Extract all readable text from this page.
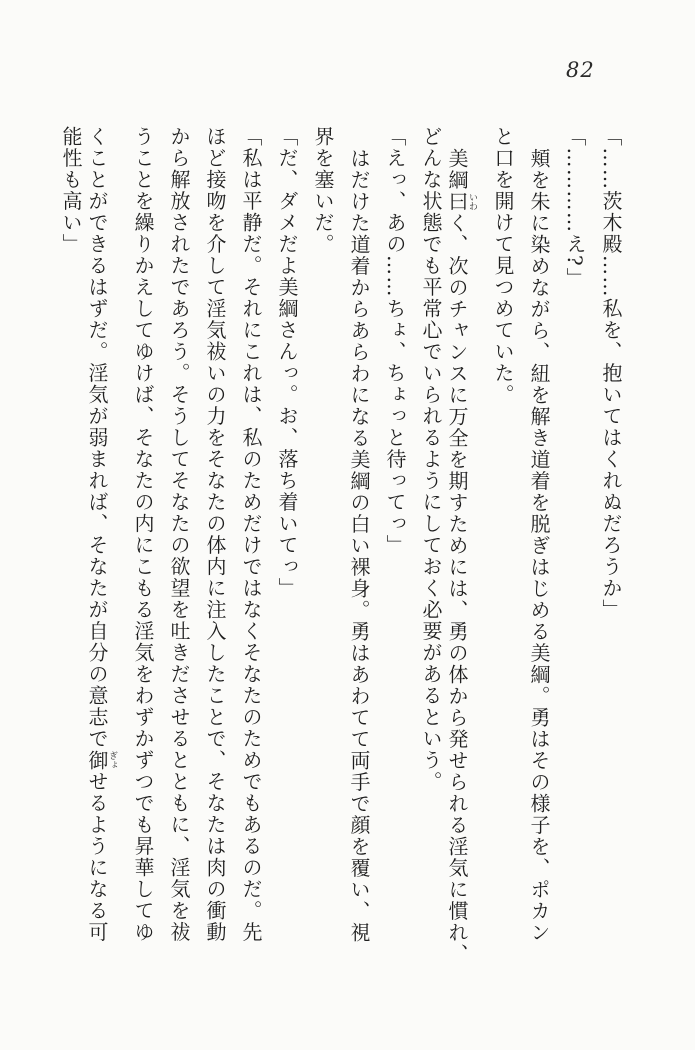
82
「……茨木殿……私を、抱いてはくれぬだろうか」
「…………え?」
頬を朱に染めながら、紐を解き道着を脱ぎはじめる美綱。勇はその様子を、ポカン
と口を開けて見つめていた。
美綱曰いわく、次のチャンスに万全を期すためには、勇の体から発せられる淫気に慣れ、
どんな状態でも平常心でいられるようにしておく必要があるという。
「えっ、あの……ちょ、ちょっと待ってっ」
はだけた道着からあらわになる美綱の白い裸身。勇はあわてて両手で顔を覆い、視
界を塞いだ。
「だ、ダメだよ美綱さんっ。お、落ち着いてっ」
「私は平静だ。それにこれは、私のためだけではなくそなたのためでもあるのだ。先
ほど接吻を介して淫気祓いの力をそなたの体内に注入したことで、そなたは肉の衝動
から解放されたであろう。そうしてそなたの欲望を吐きださせるとともに、淫気を祓
うことを繰りかえしてゆけば、そなたの内にこもる淫気をわずかずつでも昇華してゆ
くことができるはずだ。淫気が弱まれば、そなたが自分の意志で御ぎょせるようになる可
能性も高い」
